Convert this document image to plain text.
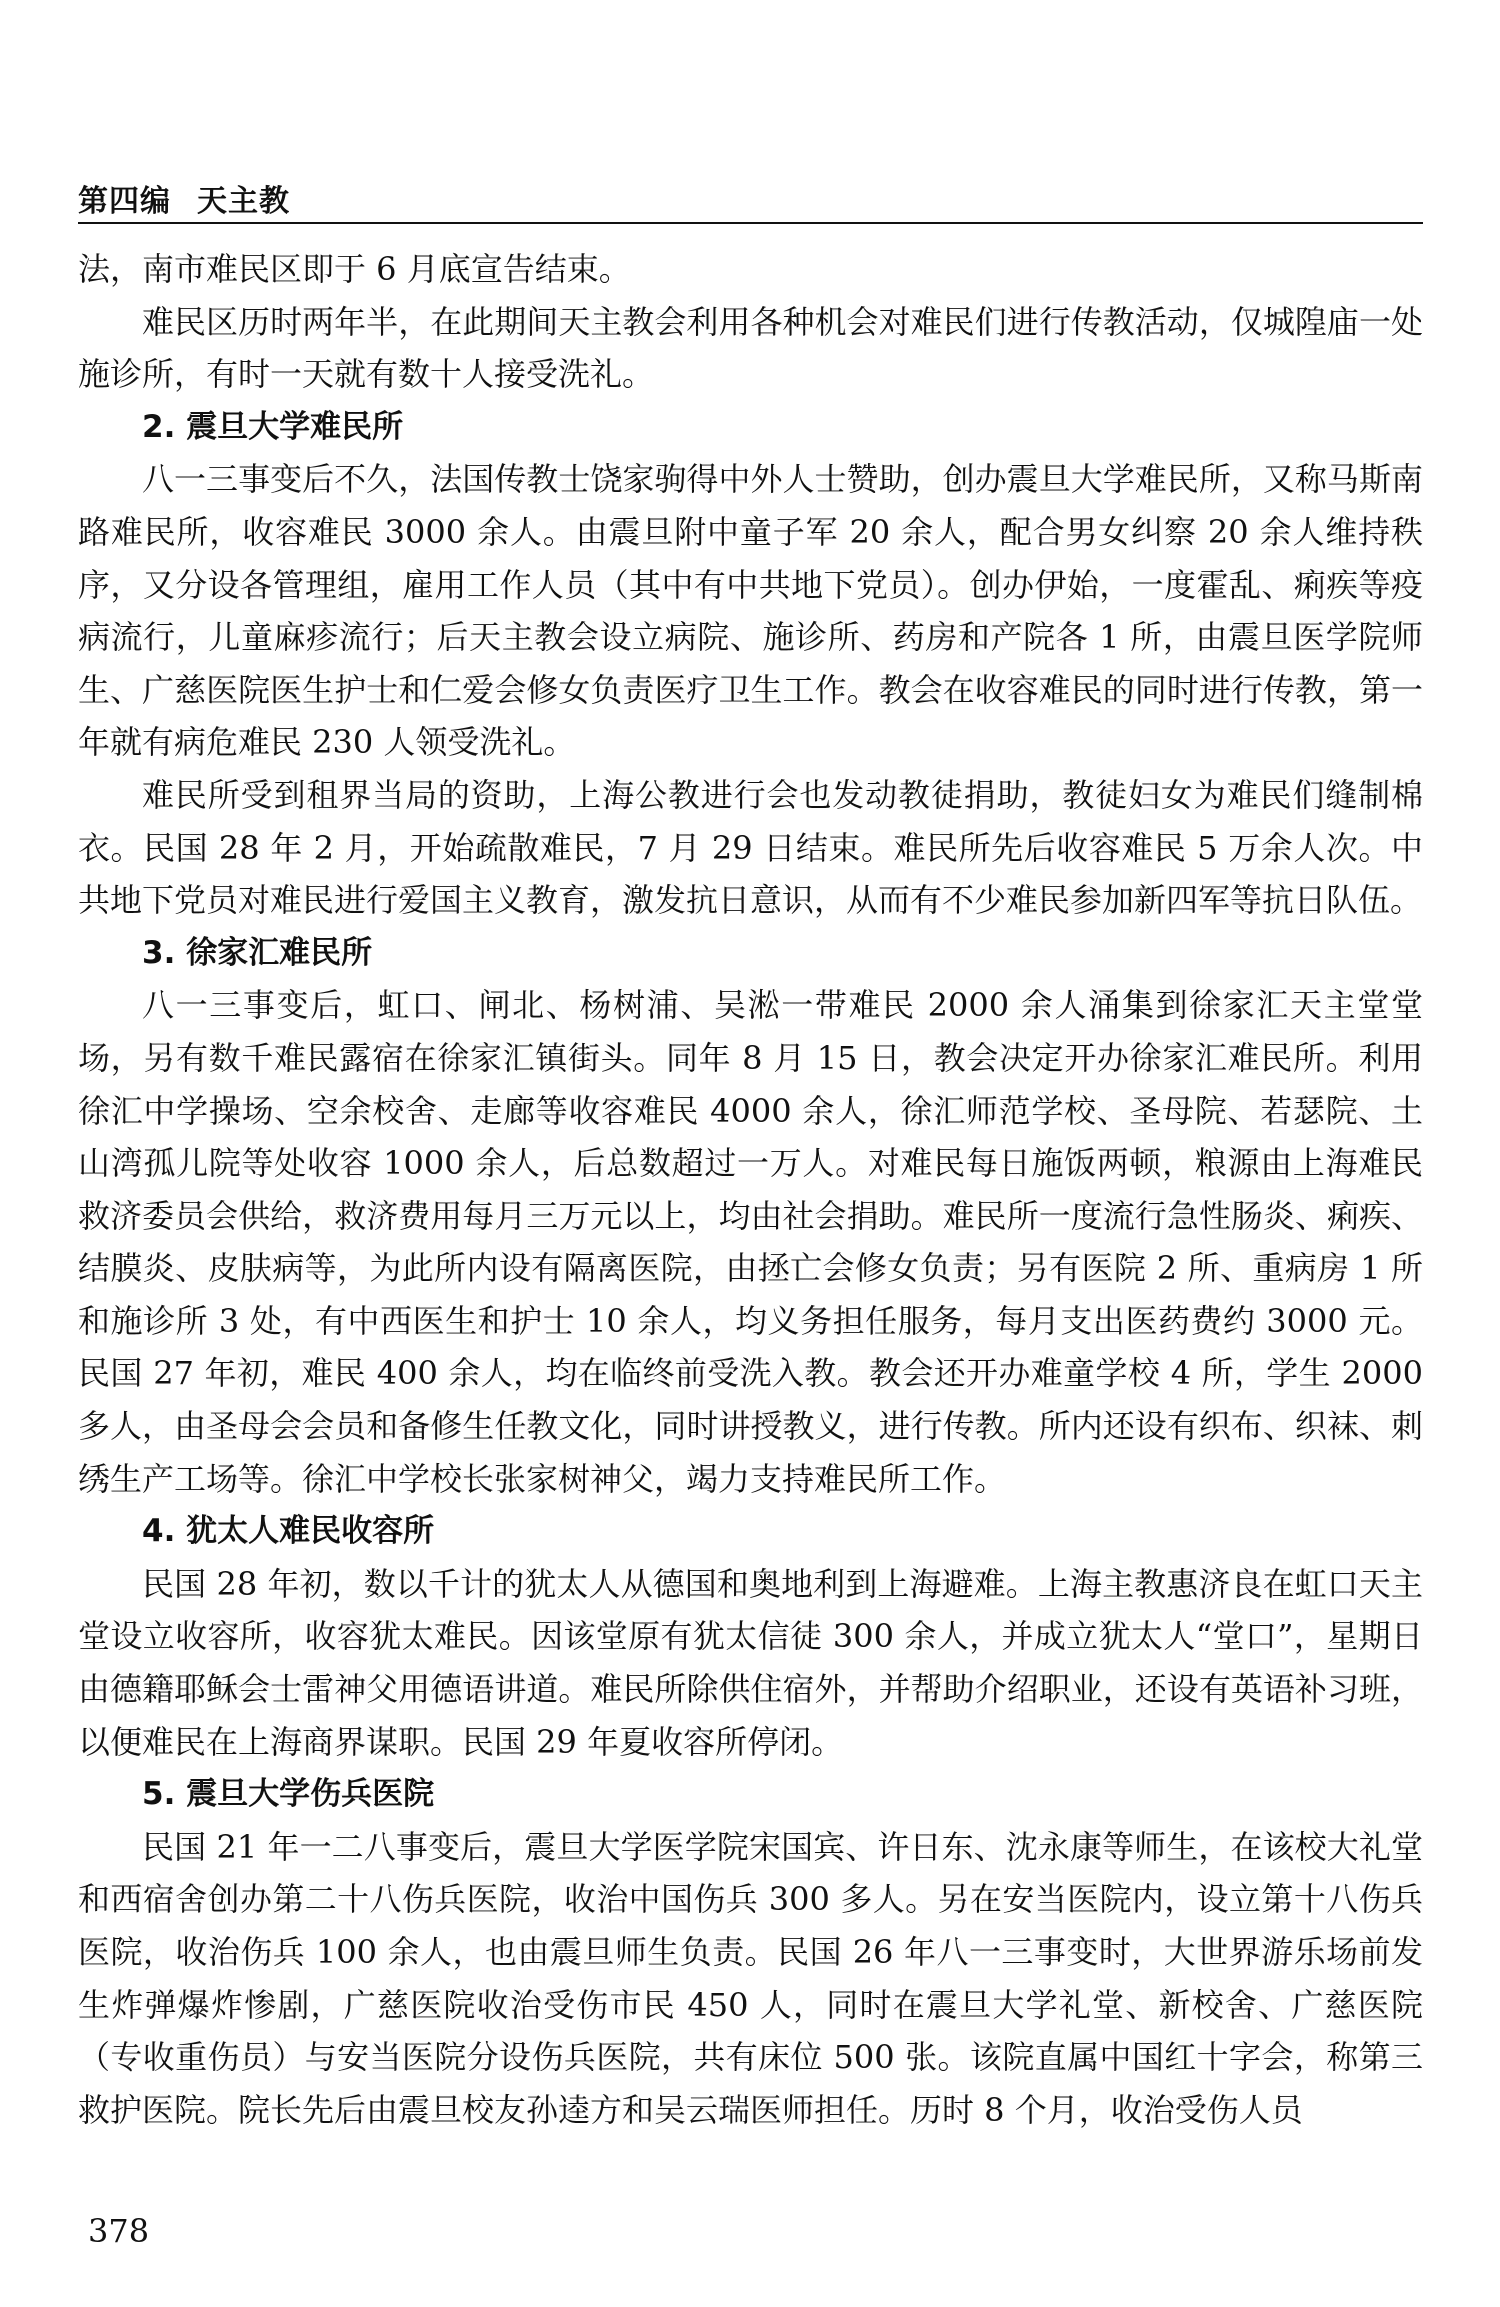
第四编 天主教

法，南市难民区即于 6 月底宣告结束。

难民区历时两年半，在此期间天主教会利用各种机会对难民们进行传教活动，仅城隍庙一处施诊所，有时一天就有数十人接受洗礼。

2. 震旦大学难民所

八一三事变后不久，法国传教士饶家驹得中外人士赞助，创办震旦大学难民所，又称马斯南路难民所，收容难民 3000 余人。由震旦附中童子军 20 余人，配合男女纠察 20 余人维持秩序，又分设各管理组，雇用工作人员（其中有中共地下党员）。创办伊始，一度霍乱、痢疾等疫病流行，儿童麻疹流行；后天主教会设立病院、施诊所、药房和产院各 1 所，由震旦医学院师生、广慈医院医生护士和仁爱会修女负责医疗卫生工作。教会在收容难民的同时进行传教，第一年就有病危难民 230 人领受洗礼。

难民所受到租界当局的资助，上海公教进行会也发动教徒捐助，教徒妇女为难民们缝制棉衣。民国 28 年 2 月，开始疏散难民，7 月 29 日结束。难民所先后收容难民 5 万余人次。中共地下党员对难民进行爱国主义教育，激发抗日意识，从而有不少难民参加新四军等抗日队伍。

3. 徐家汇难民所

八一三事变后，虹口、闸北、杨树浦、吴淞一带难民 2000 余人涌集到徐家汇天主堂堂场，另有数千难民露宿在徐家汇镇街头。同年 8 月 15 日，教会决定开办徐家汇难民所。利用徐汇中学操场、空余校舍、走廊等收容难民 4000 余人，徐汇师范学校、圣母院、若瑟院、土山湾孤儿院等处收容 1000 余人，后总数超过一万人。对难民每日施饭两顿，粮源由上海难民救济委员会供给，救济费用每月三万元以上，均由社会捐助。难民所一度流行急性肠炎、痢疾、结膜炎、皮肤病等，为此所内设有隔离医院，由拯亡会修女负责；另有医院 2 所、重病房 1 所和施诊所 3 处，有中西医生和护士 10 余人，均义务担任服务，每月支出医药费约 3000 元。民国 27 年初，难民 400 余人，均在临终前受洗入教。教会还开办难童学校 4 所，学生 2000 多人，由圣母会会员和备修生任教文化，同时讲授教义，进行传教。所内还设有织布、织袜、刺绣生产工场等。徐汇中学校长张家树神父，竭力支持难民所工作。

4. 犹太人难民收容所

民国 28 年初，数以千计的犹太人从德国和奥地利到上海避难。上海主教惠济良在虹口天主堂设立收容所，收容犹太难民。因该堂原有犹太信徒 300 余人，并成立犹太人“堂口”，星期日由德籍耶稣会士雷神父用德语讲道。难民所除供住宿外，并帮助介绍职业，还设有英语补习班，以便难民在上海商界谋职。民国 29 年夏收容所停闭。

5. 震旦大学伤兵医院

民国 21 年一二八事变后，震旦大学医学院宋国宾、许日东、沈永康等师生，在该校大礼堂和西宿舍创办第二十八伤兵医院，收治中国伤兵 300 多人。另在安当医院内，设立第十八伤兵医院，收治伤兵 100 余人，也由震旦师生负责。民国 26 年八一三事变时，大世界游乐场前发生炸弹爆炸惨剧，广慈医院收治受伤市民 450 人，同时在震旦大学礼堂、新校舍、广慈医院（专收重伤员）与安当医院分设伤兵医院，共有床位 500 张。该院直属中国红十字会，称第三救护医院。院长先后由震旦校友孙逵方和吴云瑞医师担任。历时 8 个月，收治受伤人员

378
